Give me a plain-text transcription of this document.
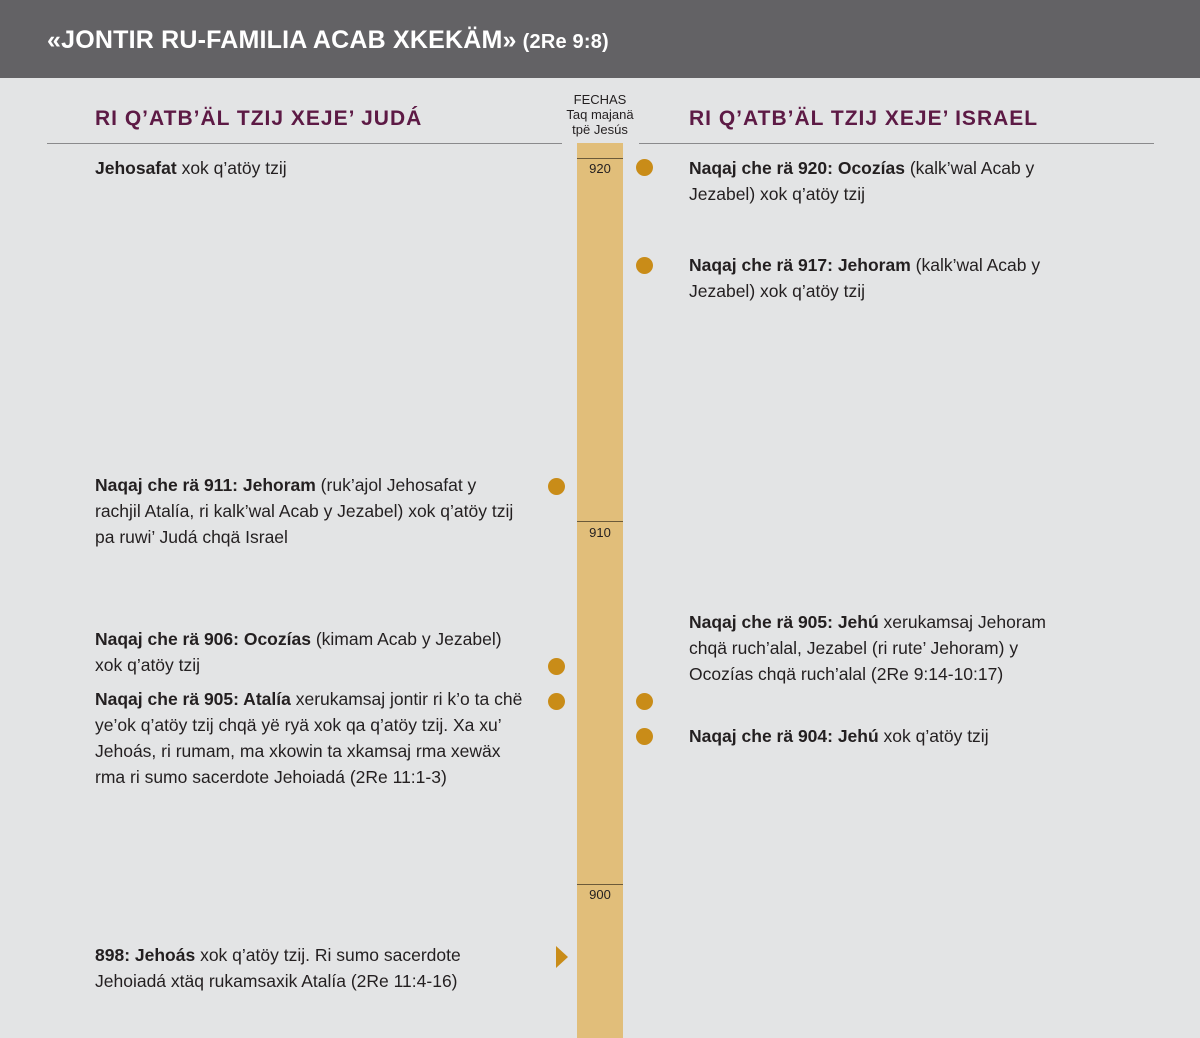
«JONTIR RU-FAMILIA ACAB XKEKÄM» (2Re 9:8)
RI Q’ATB’ÄL TZIJ XEJE’ JUDÁ	RI Q’ATB’ÄL TZIJ XEJE’ ISRAEL
FECHAS
Taq majanä
tpë Jesús
920
910
900
Jehosafat xok q’atöy tzij
Naqaj che rä 911: Jehoram (ruk’ajol Jehosafat y rachjil Atalía, ri kalk’wal Acab y Jezabel) xok q’atöy tzij pa ruwi’ Judá chqä Israel
Naqaj che rä 906: Ocozías (kimam Acab y Jezabel) xok q’atöy tzij
Naqaj che rä 905: Atalía xerukamsaj jontir ri k’o ta chë ye’ok q’atöy tzij chqä yë ryä xok qa q’atöy tzij. Xa xu’ Jehoás, ri rumam, ma xkowin ta xkamsaj rma xewäx rma ri sumo sacerdote Jehoiadá (2Re 11:1-3)
898: Jehoás xok q’atöy tzij. Ri sumo sacerdote Jehoiadá xtäq rukamsaxik Atalía (2Re 11:4-16)
Naqaj che rä 920: Ocozías (kalk’wal Acab y Jezabel) xok q’atöy tzij
Naqaj che rä 917: Jehoram (kalk’wal Acab y Jezabel) xok q’atöy tzij
Naqaj che rä 905: Jehú xerukamsaj Jehoram chqä ruch’alal, Jezabel (ri rute’ Jehoram) y Ocozías chqä ruch’alal (2Re 9:14-10:17)
Naqaj che rä 904: Jehú xok q’atöy tzij
